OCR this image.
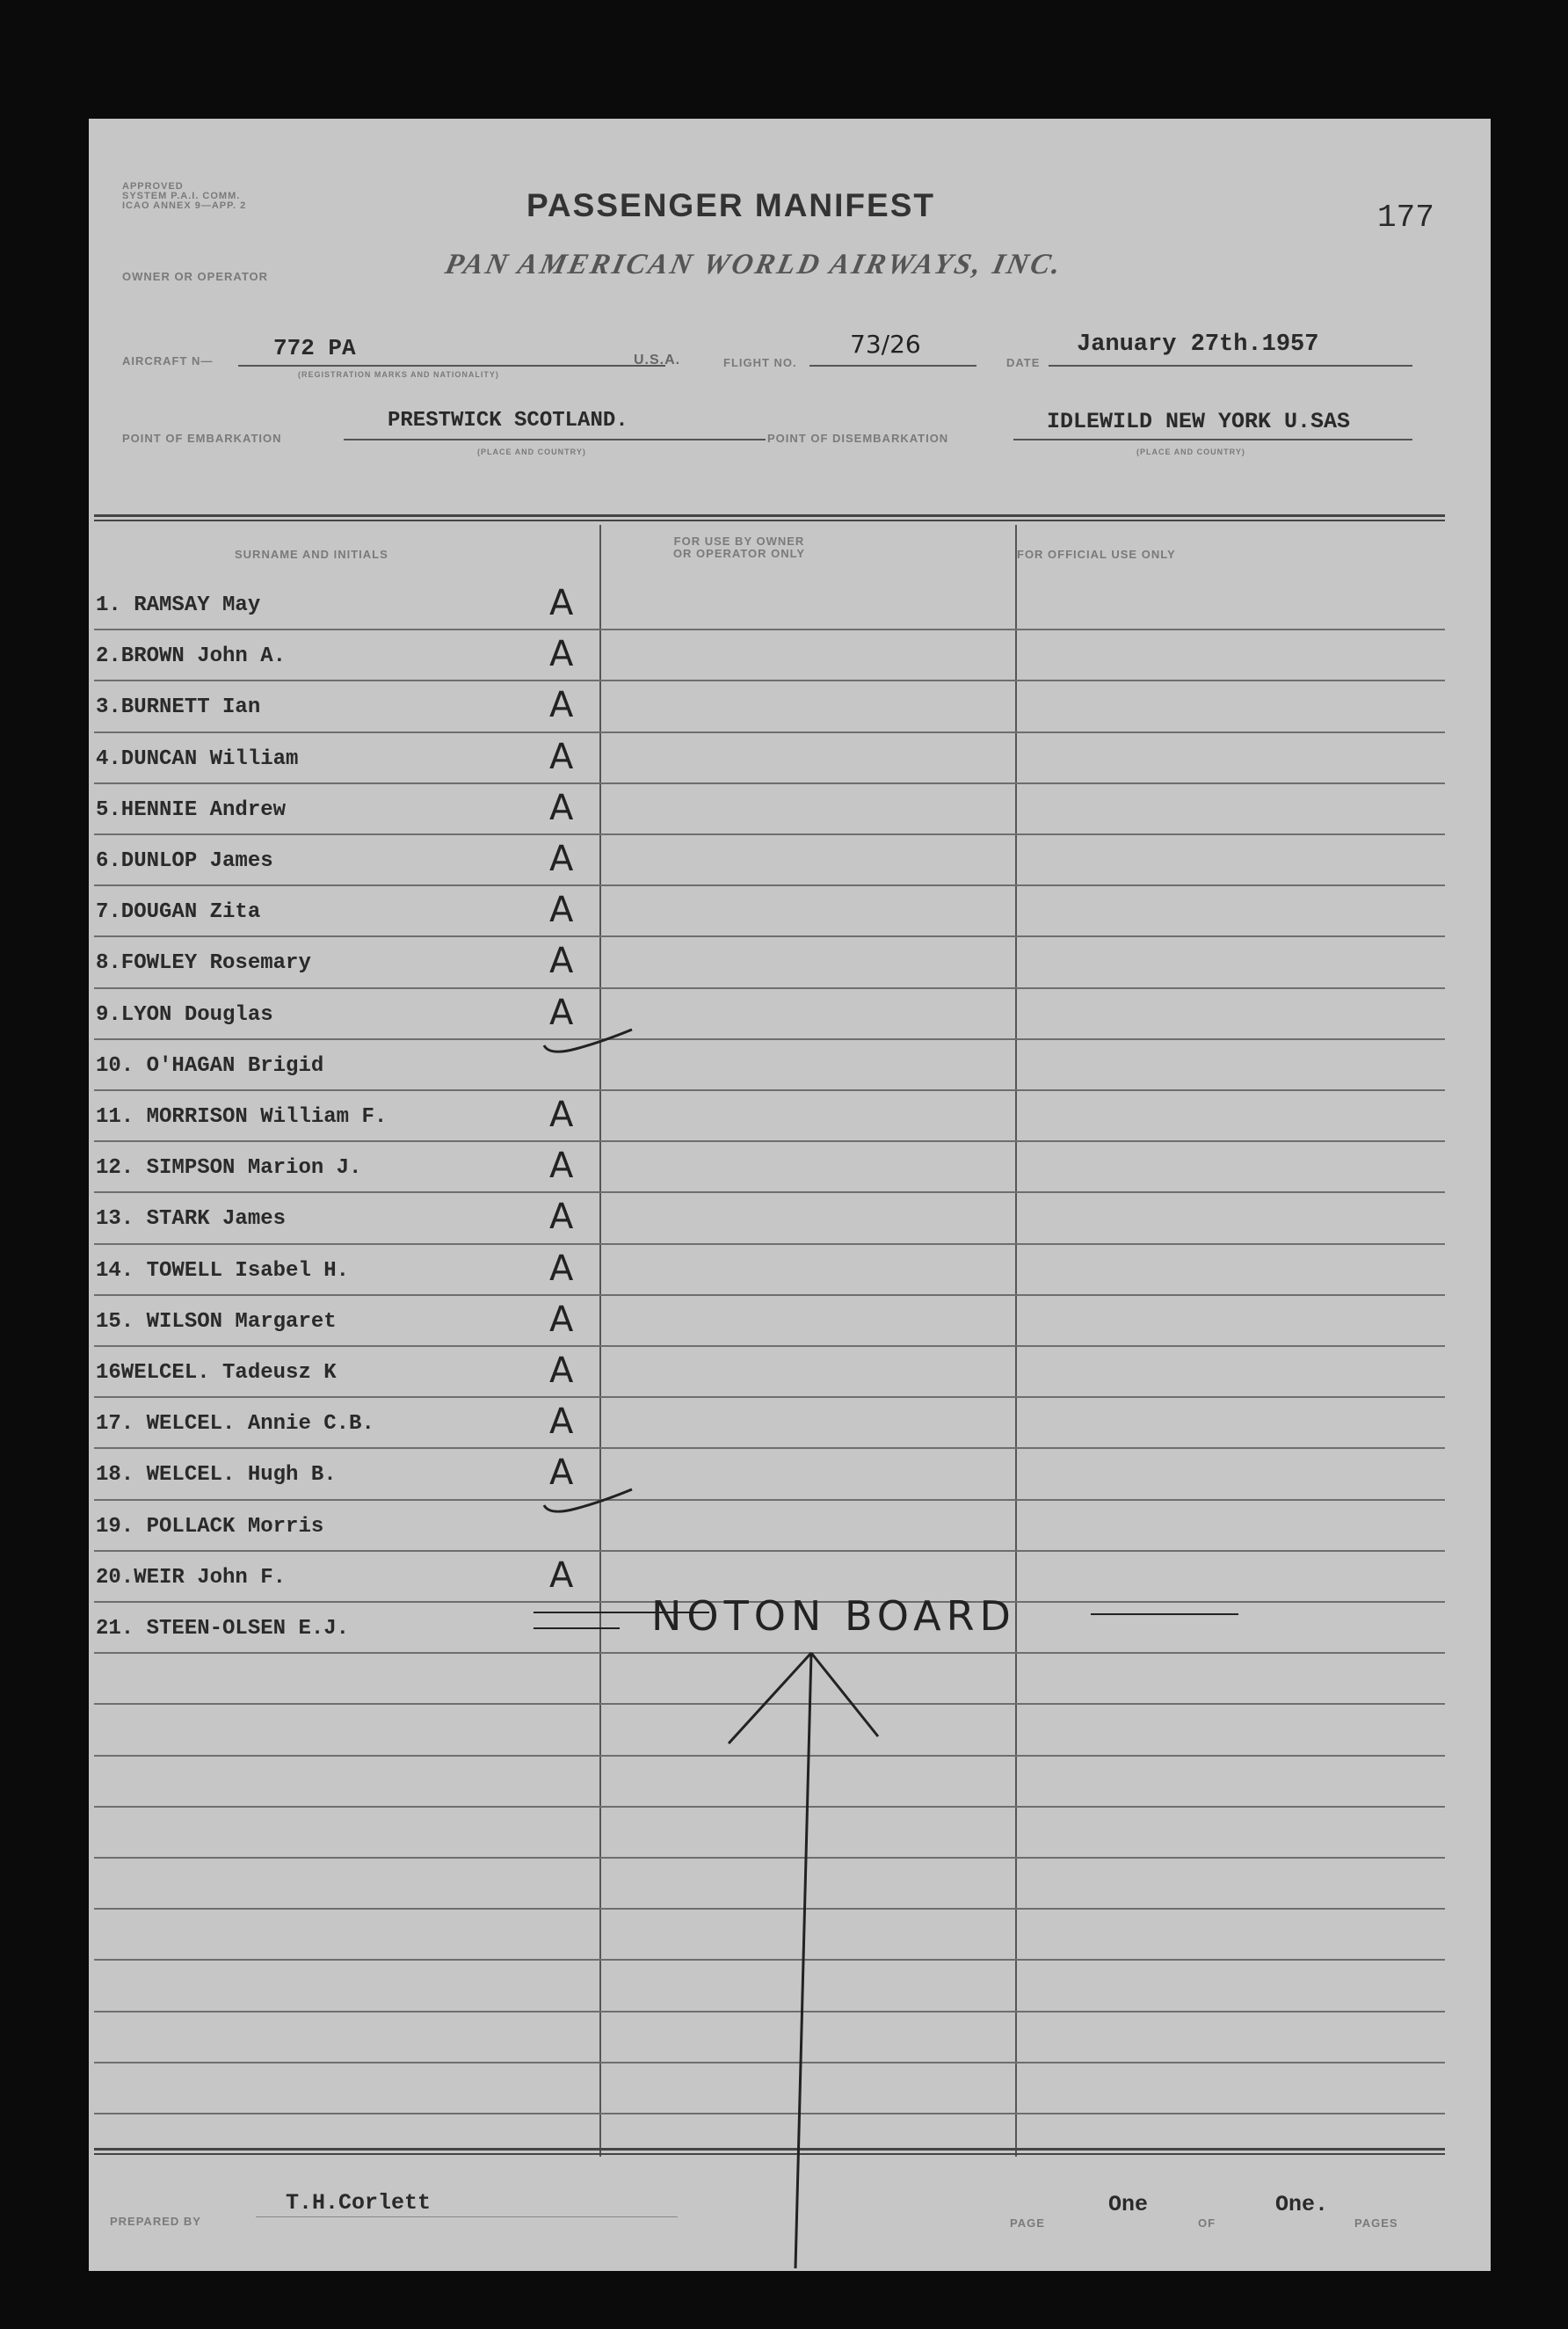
APPROVED
SYSTEM P.A.I. COMM.
ICAO ANNEX 9—APP. 2	PASSENGER MANIFEST	177
OWNER OR OPERATOR	PAN AMERICAN WORLD AIRWAYS, INC.
AIRCRAFT N—	772 PA
(REGISTRATION MARKS AND NATIONALITY)
U.S.A.	FLIGHT NO.
73/26
DATE
January 27th.1957
POINT OF EMBARKATION
PRESTWICK SCOTLAND.
(PLACE AND COUNTRY)
POINT OF DISEMBARKATION
IDLEWILD NEW YORK U.SAS
(PLACE AND COUNTRY)
SURNAME AND INITIALS
FOR USE BY OWNER
OR OPERATOR ONLY	FOR OFFICIAL USE ONLY
1. RAMSAY May	A
2.BROWN John A.	A
3.BURNETT Ian	A
4.DUNCAN William	A
5.HENNIE Andrew	A
6.DUNLOP James	A
7.DOUGAN Zita	A
8.FOWLEY Rosemary	A
9.LYON Douglas	A
10. O'HAGAN Brigid
11. MORRISON William F.	A
12. SIMPSON Marion J.	A
13. STARK James	A
14. TOWELL Isabel H.	A
15. WILSON Margaret	A
16WELCEL. Tadeusz K	A
17. WELCEL. Annie C.B.	A
18. WELCEL. Hugh B.	A
19. POLLACK Morris
20.WEIR John F.	A
21. STEEN-OLSEN E.J.	NOTON BOARD
T.H.Corlett
PREPARED BY
One
PAGE	OF
One.
PAGES
